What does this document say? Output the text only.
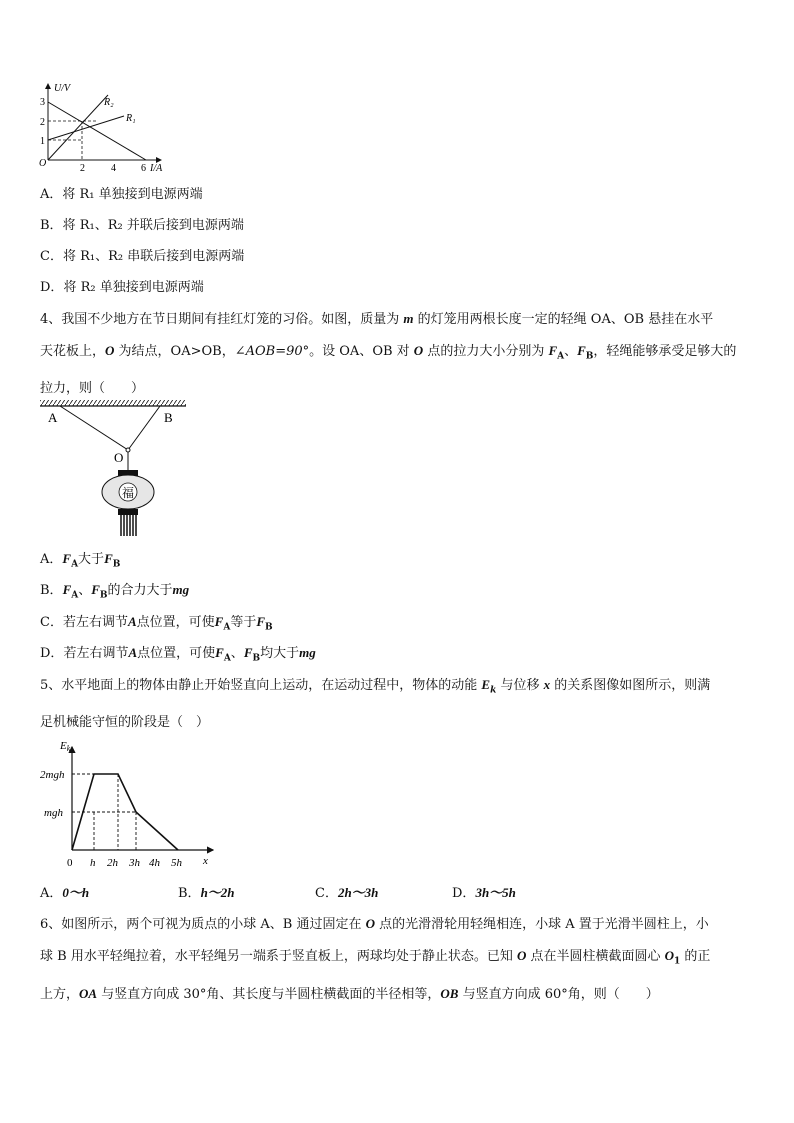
U/V
I/A
O
3
2
1
2	4	6
R₂
R₁
A．将 R₁ 单独接到电源两端
B．将 R₁、R₂ 并联后接到电源两端
C．将 R₁、R₂ 串联后接到电源两端
D．将 R₂ 单独接到电源两端
4、我国不少地方在节日期间有挂红灯笼的习俗。如图，质量为 m 的灯笼用两根长度一定的轻绳 OA、OB 悬挂在水平
天花板上，O 为结点，OA>OB，∠AOB=90°。设 OA、OB 对 O 点的拉力大小分别为 $F_A$、$F_B$，轻绳能够承受足够大的
拉力，则（　　）
福
A	B
O
A．$F_A$大于$F_B$
B．$F_A$、$F_B$的合力大于mg
C．若左右调节A点位置，可使$F_A$等于$F_B$
D．若左右调节A点位置，可使$F_A$、$F_B$均大于mg
5、水平地面上的物体由静止开始竖直向上运动，在运动过程中，物体的动能 $E_k$ 与位移 x 的关系图像如图所示，则满
足机械能守恒的阶段是（　）
Ek
x
0
2mgh
mgh
h 2h 3h 4h 5h
A．0～h	B．h～2h	C．2h～3h	D．3h～5h
6、如图所示，两个可视为质点的小球 A、B 通过固定在 O 点的光滑滑轮用轻绳相连，小球 A 置于光滑半圆柱上，小
球 B 用水平轻绳拉着，水平轻绳另一端系于竖直板上，两球均处于静止状态。已知 O 点在半圆柱横截面圆心 $O_1$ 的正
上方，OA 与竖直方向成 30°角、其长度与半圆柱横截面的半径相等，OB 与竖直方向成 60°角，则（　　）
